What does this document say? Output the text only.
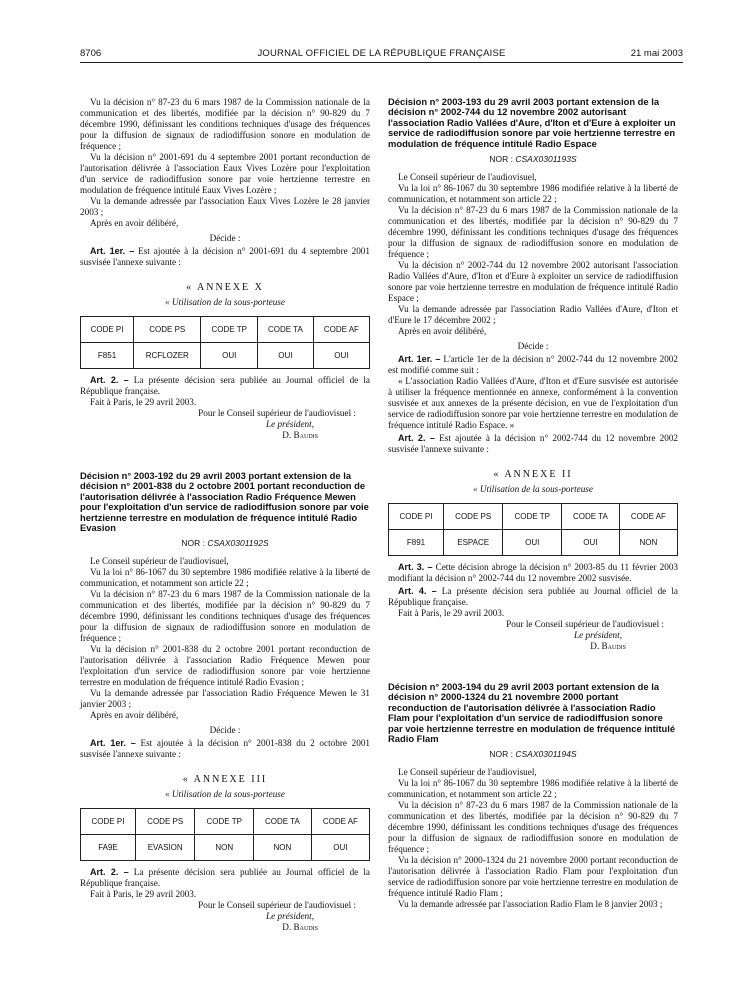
8706	JOURNAL OFFICIEL DE LA RÉPUBLIQUE FRANÇAISE	21 mai 2003

Vu la décision n° 87-23 du 6 mars 1987 de la Commission nationale de la communication et des libertés, modifiée par la décision n° 90-829 du 7 décembre 1990, définissant les conditions techniques d'usage des fréquences pour la diffusion de signaux de radiodiffusion sonore en modulation de fréquence ;

Vu la décision n° 2001-691 du 4 septembre 2001 portant reconduction de l'autorisation délivrée à l'association Eaux Vives Lozère pour l'exploitation d'un service de radiodiffusion sonore par voie hertzienne terrestre en modulation de fréquence intitulé Eaux Vives Lozère ;

Vu la demande adressée par l'association Eaux Vives Lozère le 28 janvier 2003 ;

Après en avoir délibéré,

Décide :

Art. 1er. – Est ajoutée à la décision n° 2001-691 du 4 septembre 2001 susvisée l'annexe suivante :

« ANNEXE X

« Utilisation de la sous-porteuse

CODE PI	CODE PS	CODE TP	CODE TA	CODE AF
F851	RCFLOZER	OUI	OUI	OUI

Art. 2. – La présente décision sera publiée au Journal officiel de la République française.

Fait à Paris, le 29 avril 2003.

Pour le Conseil supérieur de l'audiovisuel :

Le président,

D. Baudis

Décision n° 2003-192 du 29 avril 2003 portant extension de la décision n° 2001-838 du 2 octobre 2001 portant reconduction de l'autorisation délivrée à l'association Radio Fréquence Mewen pour l'exploitation d'un service de radiodiffusion sonore par voie hertzienne terrestre en modulation de fréquence intitulé Radio Evasion
NOR : CSAX0301192S

Le Conseil supérieur de l'audiovisuel,

Vu la loi n° 86-1067 du 30 septembre 1986 modifiée relative à la liberté de communication, et notamment son article 22 ;

Vu la décision n° 87-23 du 6 mars 1987 de la Commission nationale de la communication et des libertés, modifiée par la décision n° 90-829 du 7 décembre 1990, définissant les conditions techniques d'usage des fréquences pour la diffusion de signaux de radiodiffusion sonore en modulation de fréquence ;

Vu la décision n° 2001-838 du 2 octobre 2001 portant reconduction de l'autorisation délivrée à l'association Radio Fréquence Mewen pour l'exploitation d'un service de radiodiffusion sonore par voie hertzienne terrestre en modulation de fréquence intitulé Radio Evasion ;

Vu la demande adressée par l'association Radio Fréquence Mewen le 31 janvier 2003 ;

Après en avoir délibéré,

Décide :

Art. 1er. – Est ajoutée à la décision n° 2001-838 du 2 octobre 2001 susvisée l'annexe suivante :

« ANNEXE III

« Utilisation de la sous-porteuse

CODE PI	CODE PS	CODE TP	CODE TA	CODE AF
FA9E	EVASION	NON	NON	OUI

Art. 2. – La présente décision sera publiée au Journal officiel de la République française.

Fait à Paris, le 29 avril 2003.

Pour le Conseil supérieur de l'audiovisuel :

Le président,

D. Baudis

Décision n° 2003-193 du 29 avril 2003 portant extension de la décision n° 2002-744 du 12 novembre 2002 autorisant l'association Radio Vallées d'Aure, d'Iton et d'Eure à exploiter un service de radiodiffusion sonore par voie hertzienne terrestre en modulation de fréquence intitulé Radio Espace
NOR : CSAX0301193S

Le Conseil supérieur de l'audiovisuel,

Vu la loi n° 86-1067 du 30 septembre 1986 modifiée relative à la liberté de communication, et notamment son article 22 ;

Vu la décision n° 87-23 du 6 mars 1987 de la Commission nationale de la communication et des libertés, modifiée par la décision n° 90-829 du 7 décembre 1990, définissant les conditions techniques d'usage des fréquences pour la diffusion de signaux de radiodiffusion sonore en modulation de fréquence ;

Vu la décision n° 2002-744 du 12 novembre 2002 autorisant l'association Radio Vallées d'Aure, d'Iton et d'Eure à exploiter un service de radiodiffusion sonore par voie hertzienne terrestre en modulation de fréquence intitulé Radio Espace ;

Vu la demande adressée par l'association Radio Vallées d'Aure, d'Iton et d'Eure le 17 décembre 2002 ;

Après en avoir délibéré,

Décide :

Art. 1er. – L'article 1er de la décision n° 2002-744 du 12 novembre 2002 est modifié comme suit :

« L'association Radio Vallées d'Aure, d'Iton et d'Eure susvisée est autorisée à utiliser la fréquence mentionnée en annexe, conformément à la convention susvisée et aux annexes de la présente décision, en vue de l'exploitation d'un service de radiodiffusion sonore par voie hertzienne terrestre en modulation de fréquence intitulé Radio Espace. »

Art. 2. – Est ajoutée à la décision n° 2002-744 du 12 novembre 2002 susvisée l'annexe suivante :

« ANNEXE II

« Utilisation de la sous-porteuse

CODE PI	CODE PS	CODE TP	CODE TA	CODE AF
F891	ESPACE	OUI	OUI	NON

Art. 3. – Cette décision abroge la décision n° 2003-85 du 11 février 2003 modifiant la décision n° 2002-744 du 12 novembre 2002 susvisée.

Art. 4. – La présente décision sera publiée au Journal officiel de la République française.

Fait à Paris, le 29 avril 2003.

Pour le Conseil supérieur de l'audiovisuel :

Le président,

D. Baudis

Décision n° 2003-194 du 29 avril 2003 portant extension de la décision n° 2000-1324 du 21 novembre 2000 portant reconduction de l'autorisation délivrée à l'association Radio Flam pour l'exploitation d'un service de radiodiffusion sonore par voie hertzienne terrestre en modulation de fréquence intitulé Radio Flam
NOR : CSAX0301194S

Le Conseil supérieur de l'audiovisuel,

Vu la loi n° 86-1067 du 30 septembre 1986 modifiée relative à la liberté de communication, et notamment son article 22 ;

Vu la décision n° 87-23 du 6 mars 1987 de la Commission nationale de la communication et des libertés, modifiée par la décision n° 90-829 du 7 décembre 1990, définissant les conditions techniques d'usage des fréquences pour la diffusion de signaux de radiodiffusion sonore en modulation de fréquence ;

Vu la décision n° 2000-1324 du 21 novembre 2000 portant reconduction de l'autorisation délivrée à l'association Radio Flam pour l'exploitation d'un service de radiodiffusion sonore par voie hertzienne terrestre en modulation de fréquence intitulé Radio Flam ;

Vu la demande adressée par l'association Radio Flam le 8 janvier 2003 ;
